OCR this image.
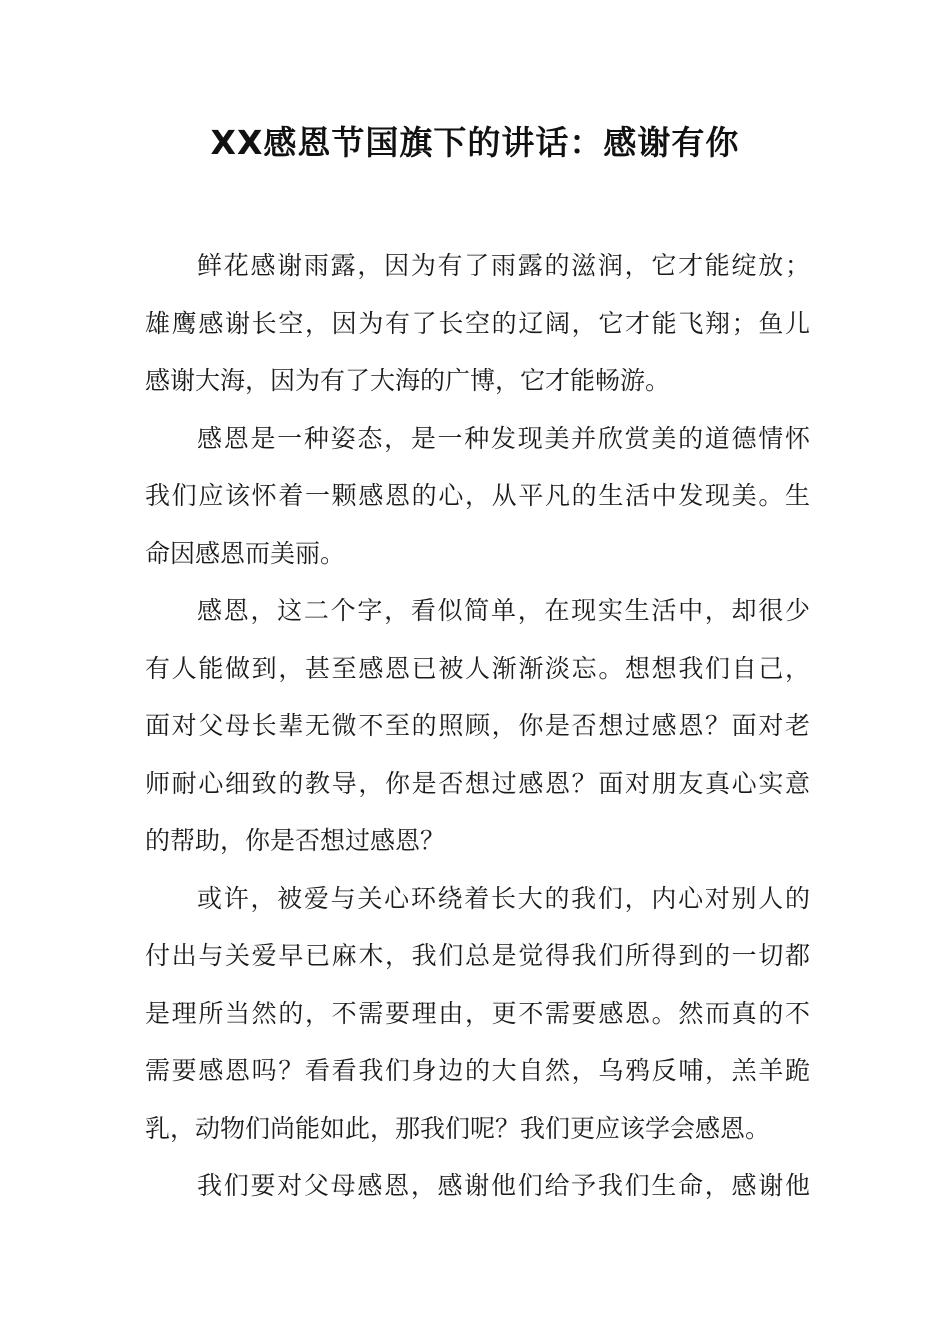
XX感恩节国旗下的讲话：感谢有你
鲜花感谢雨露，因为有了雨露的滋润，它才能绽放；
雄鹰感谢长空，因为有了长空的辽阔，它才能飞翔；鱼儿
感谢大海，因为有了大海的广博，它才能畅游。
感恩是一种姿态，是一种发现美并欣赏美的道德情怀
我们应该怀着一颗感恩的心，从平凡的生活中发现美。生
命因感恩而美丽。
感恩，这二个字，看似简单，在现实生活中，却很少
有人能做到，甚至感恩已被人渐渐淡忘。想想我们自己，
面对父母长辈无微不至的照顾，你是否想过感恩？面对老
师耐心细致的教导，你是否想过感恩？面对朋友真心实意
的帮助，你是否想过感恩？
或许，被爱与关心环绕着长大的我们，内心对别人的
付出与关爱早已麻木，我们总是觉得我们所得到的一切都
是理所当然的，不需要理由，更不需要感恩。然而真的不
需要感恩吗？看看我们身边的大自然，乌鸦反哺，羔羊跪
乳，动物们尚能如此，那我们呢？我们更应该学会感恩。
我们要对父母感恩，感谢他们给予我们生命，感谢他
